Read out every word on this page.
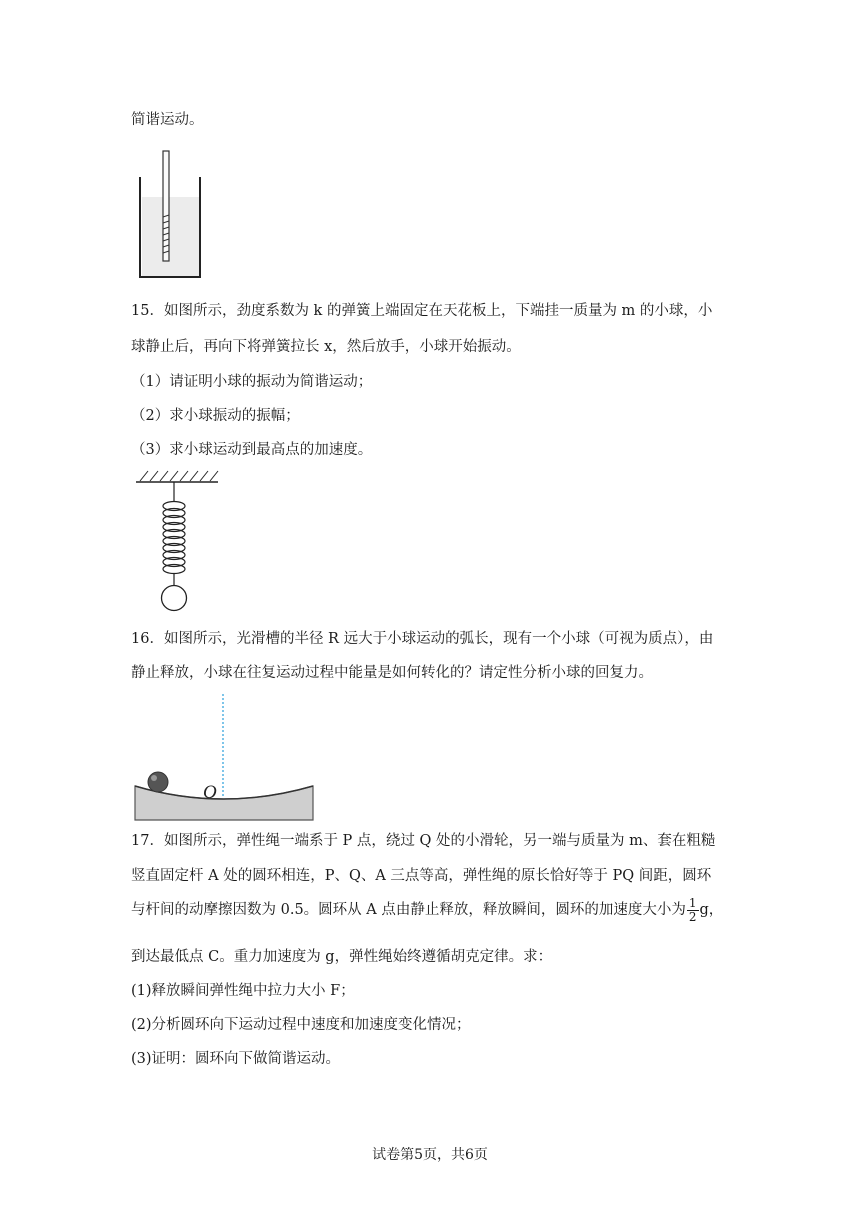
简谐运动。
15．如图所示，劲度系数为 k 的弹簧上端固定在天花板上，下端挂一质量为 m 的小球，小
球静止后，再向下将弹簧拉长 x，然后放手，小球开始振动。
（1）请证明小球的振动为简谐运动；
（2）求小球振动的振幅；
（3）求小球运动到最高点的加速度。
16．如图所示，光滑槽的半径 R 远大于小球运动的弧长，现有一个小球（可视为质点），由
静止释放，小球在往复运动过程中能量是如何转化的？请定性分析小球的回复力。
O
17．如图所示，弹性绳一端系于 P 点，绕过 Q 处的小滑轮，另一端与质量为 m、套在粗糙
竖直固定杆 A 处的圆环相连，P、Q、A 三点等高，弹性绳的原长恰好等于 PQ 间距，圆环
与杆间的动摩擦因数为 0.5。圆环从 A 点由静止释放，释放瞬间，圆环的加速度大小为 $\frac{1}{2}$ g，
到达最低点 C。重力加速度为 g，弹性绳始终遵循胡克定律。求：
(1)释放瞬间弹性绳中拉力大小 F；
(2)分析圆环向下运动过程中速度和加速度变化情况；
(3)证明：圆环向下做简谐运动。
试卷第5页，共6页
